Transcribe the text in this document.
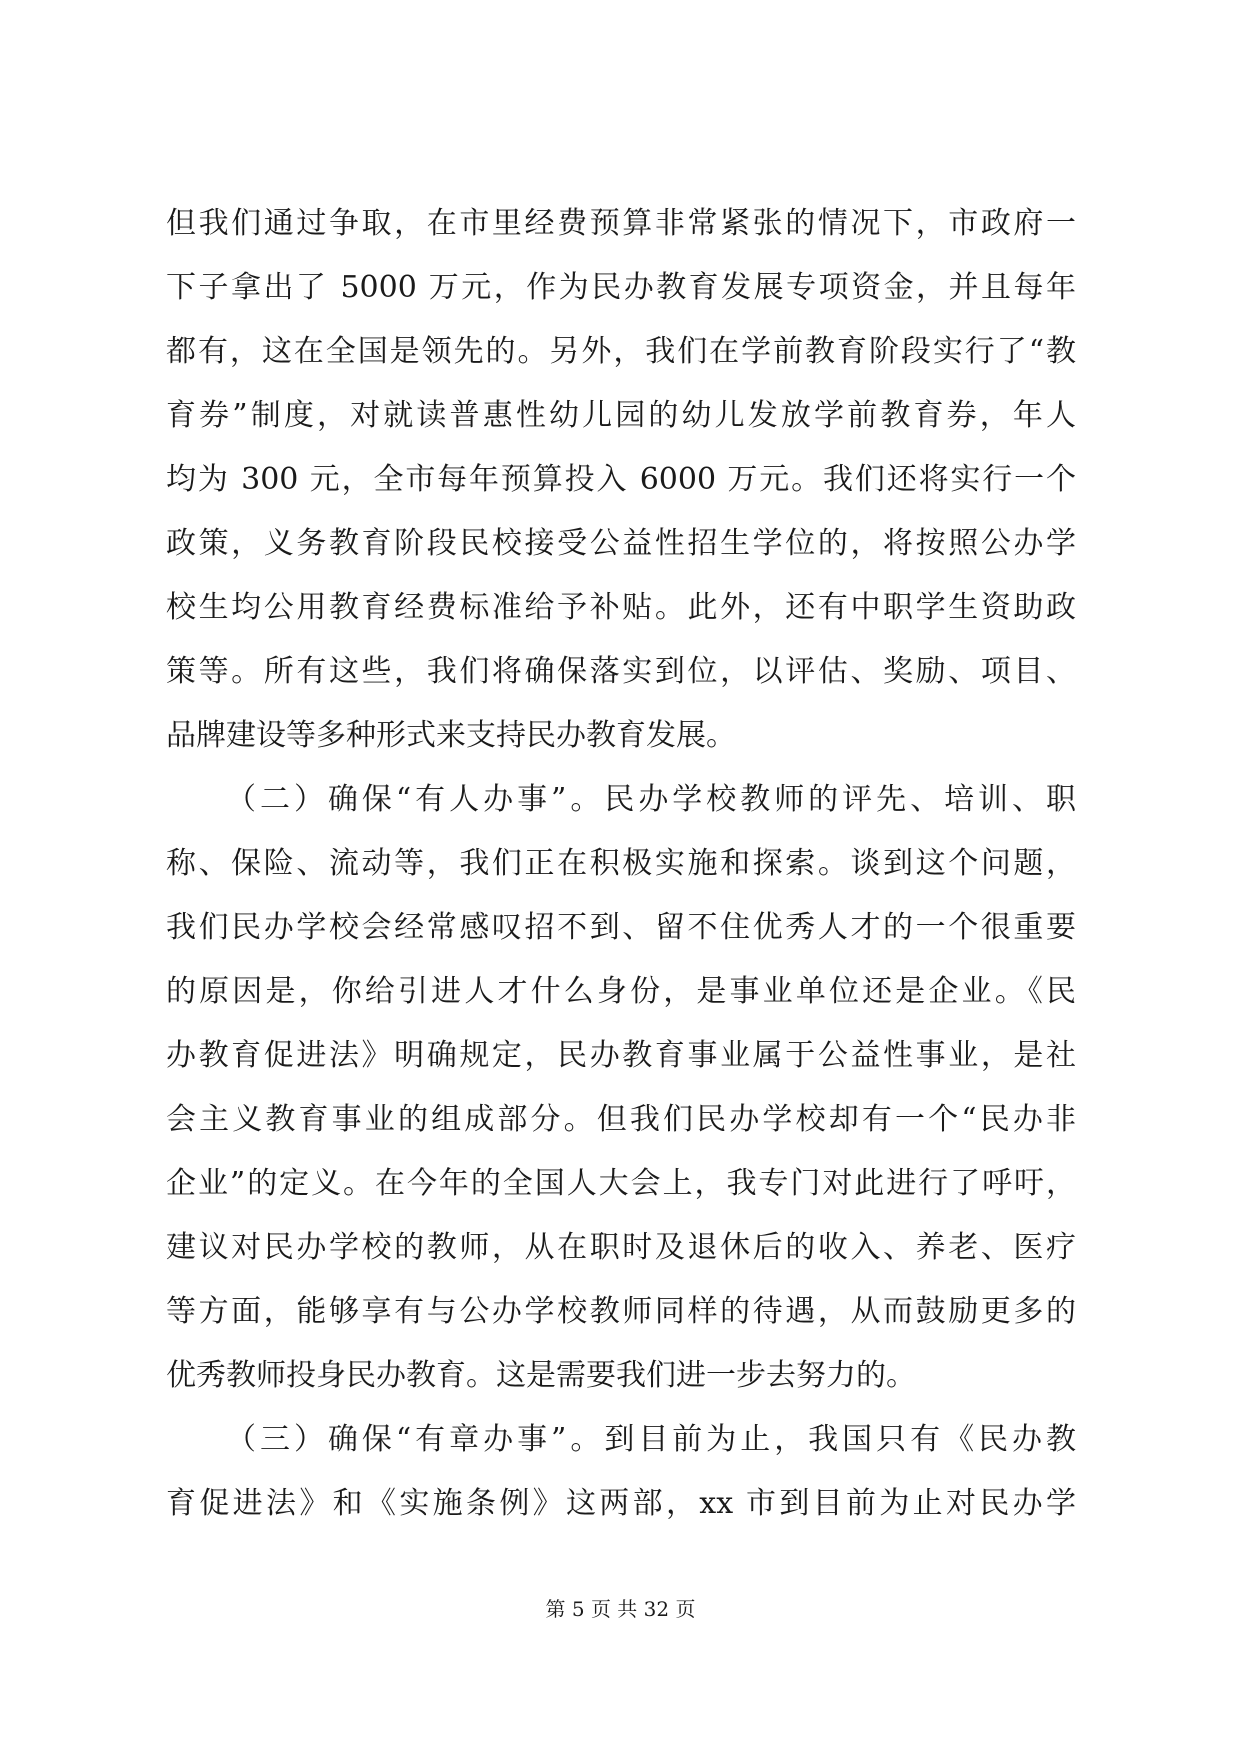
但我们通过争取，在市里经费预算非常紧张的情况下，市政府一
下子拿出了 5000 万元，作为民办教育发展专项资金，并且每年
都有，这在全国是领先的。另外，我们在学前教育阶段实行了“教
育券”制度，对就读普惠性幼儿园的幼儿发放学前教育券，年人
均为 300 元，全市每年预算投入 6000 万元。我们还将实行一个
政策，义务教育阶段民校接受公益性招生学位的，将按照公办学
校生均公用教育经费标准给予补贴。此外，还有中职学生资助政
策等。所有这些，我们将确保落实到位，以评估、奖励、项目、
品牌建设等多种形式来支持民办教育发展。
（二）确保“有人办事”。民办学校教师的评先、培训、职
称、保险、流动等，我们正在积极实施和探索。谈到这个问题，
我们民办学校会经常感叹招不到、留不住优秀人才的一个很重要
的原因是，你给引进人才什么身份，是事业单位还是企业。《民
办教育促进法》明确规定，民办教育事业属于公益性事业，是社
会主义教育事业的组成部分。但我们民办学校却有一个“民办非
企业”的定义。在今年的全国人大会上，我专门对此进行了呼吁，
建议对民办学校的教师，从在职时及退休后的收入、养老、医疗
等方面，能够享有与公办学校教师同样的待遇，从而鼓励更多的
优秀教师投身民办教育。这是需要我们进一步去努力的。
（三）确保“有章办事”。到目前为止，我国只有《民办教
育促进法》和《实施条例》这两部，xx 市到目前为止对民办学
第 5 页 共 32 页
